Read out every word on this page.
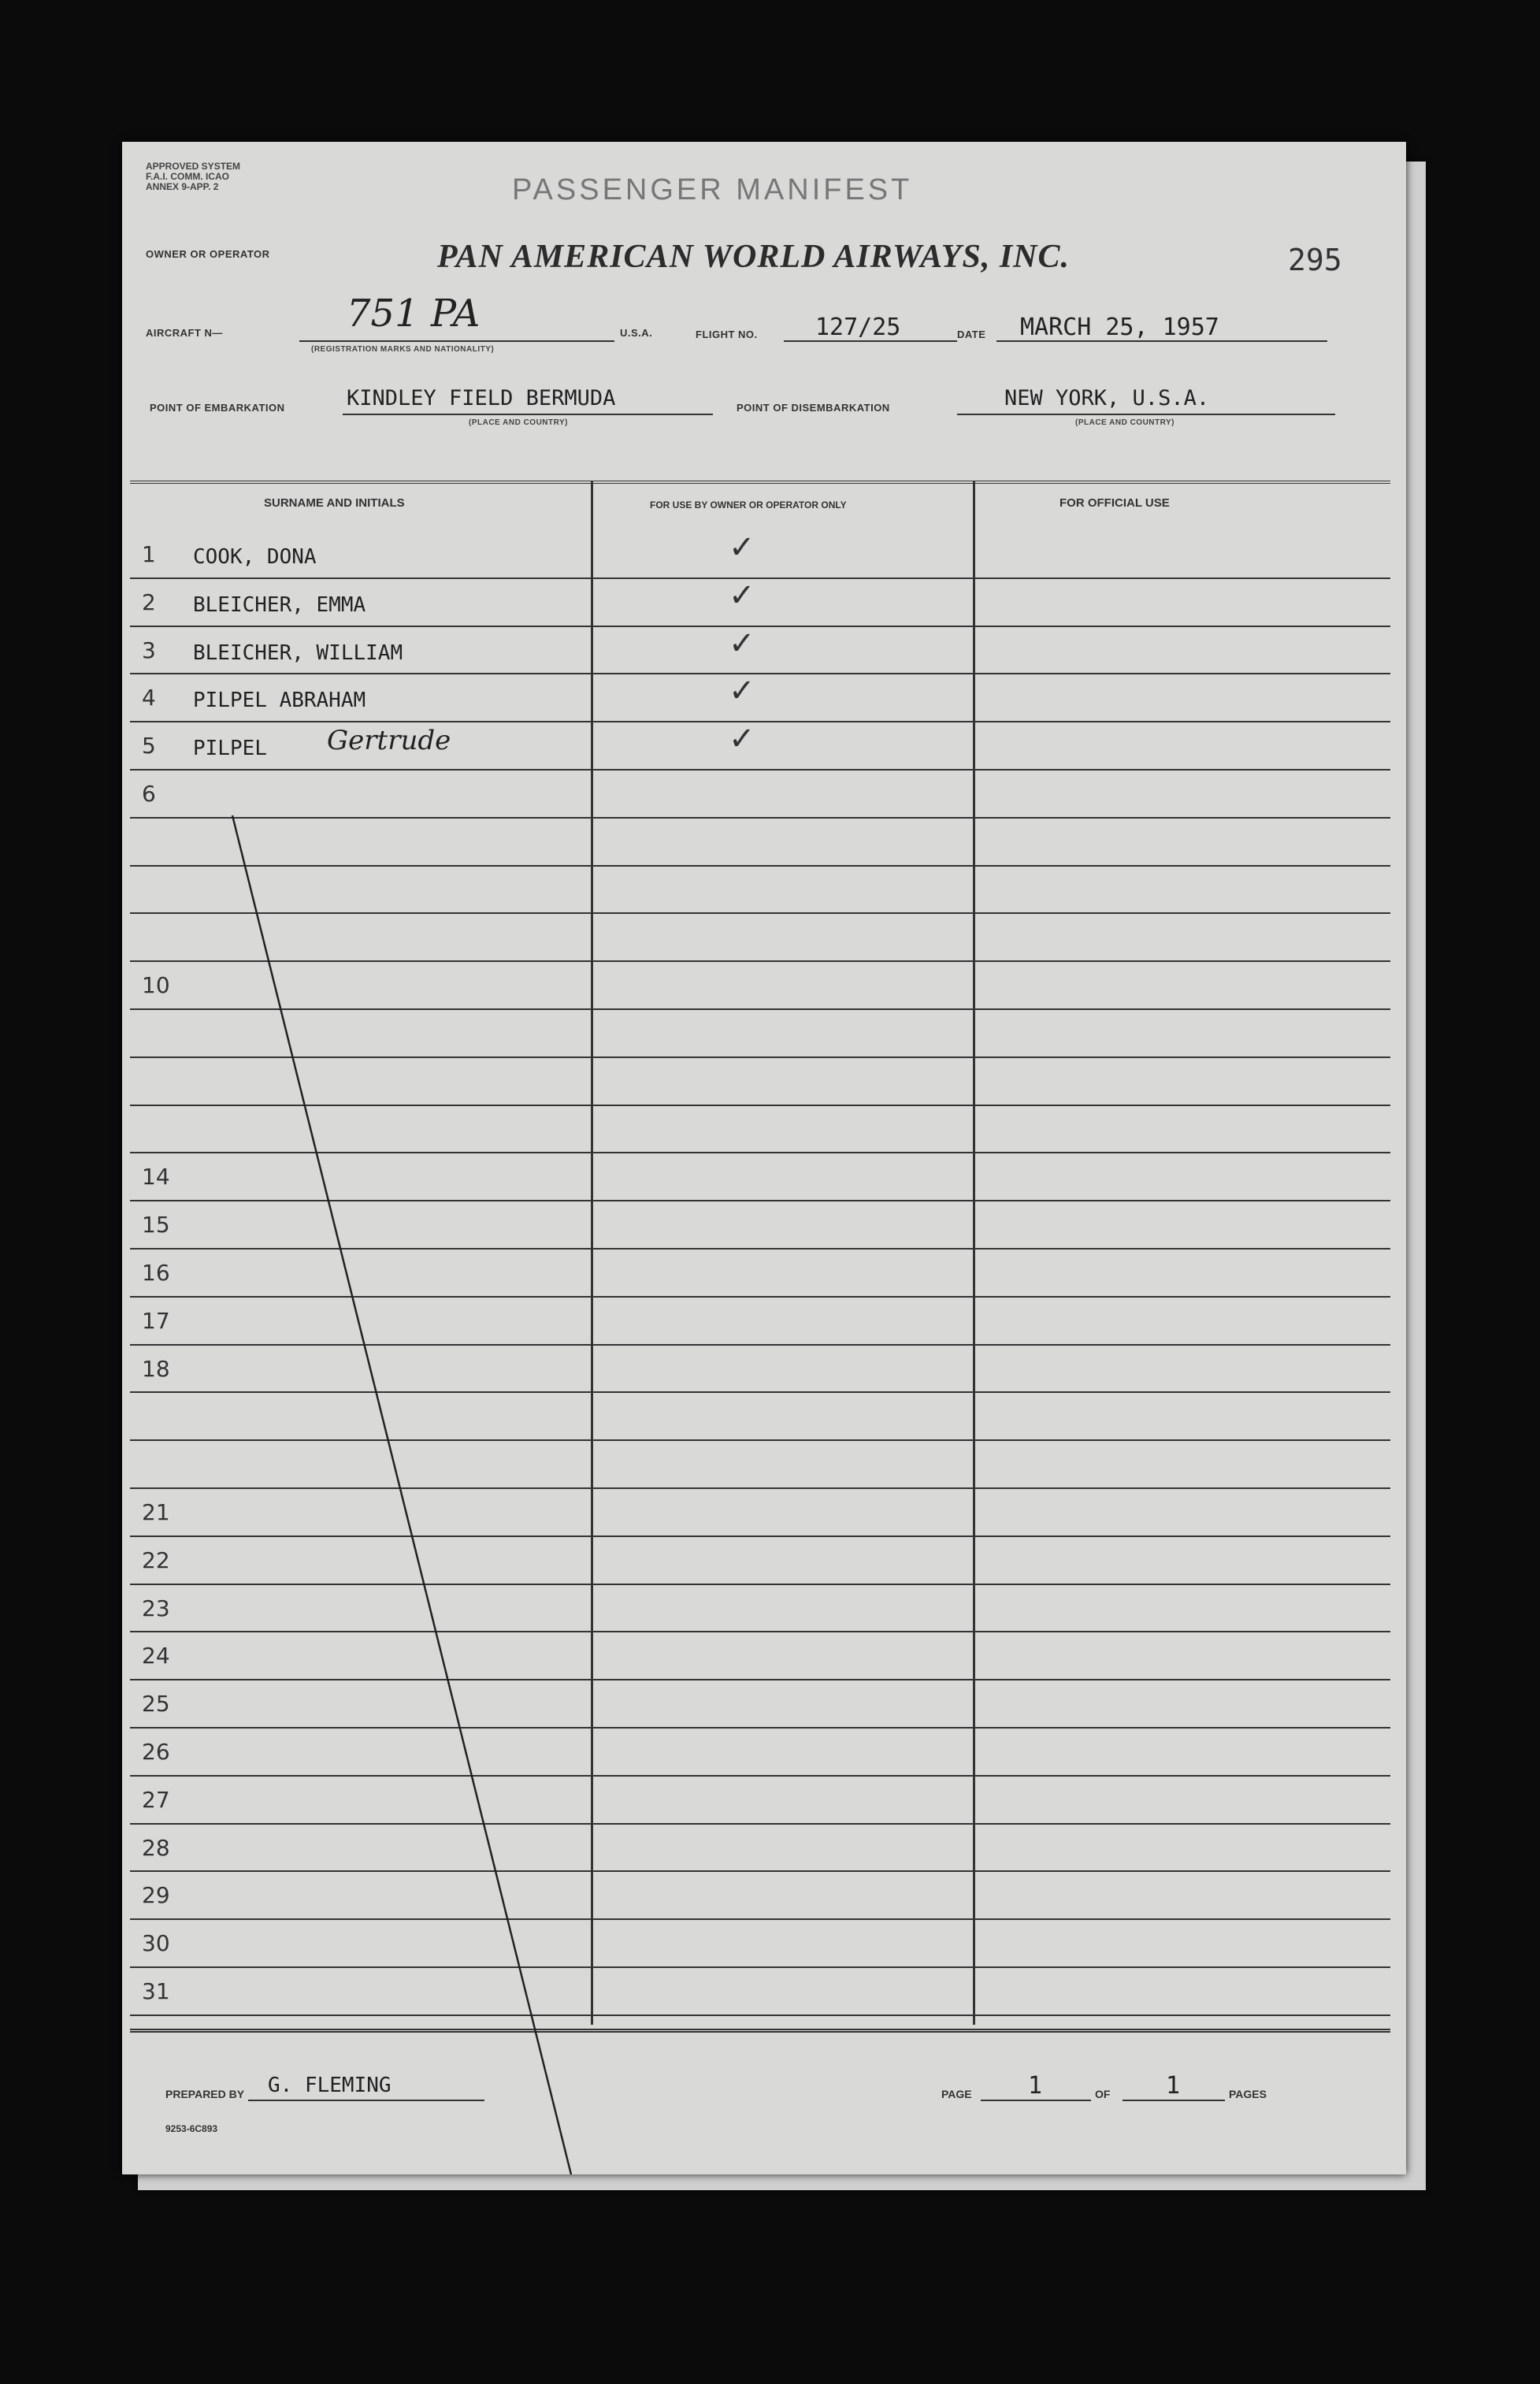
APPROVED SYSTEM F.A.I. COMM. ICAO ANNEX 9-APP. 2	PASSENGER MANIFEST
OWNER OR OPERATOR	PAN AMERICAN WORLD AIRWAYS, INC.	295
AIRCRAFT N—	751 PA
(REGISTRATION MARKS AND NATIONALITY)
U.S.A.	FLIGHT NO. 127/25	DATE MARCH 25, 1957
POINT OF EMBARKATION	KINDLEY FIELD BERMUDA
(PLACE AND COUNTRY)
POINT OF DISEMBARKATION	NEW YORK, U.S.A.
(PLACE AND COUNTRY)
SURNAME AND INITIALS	FOR USE BY OWNER OR OPERATOR ONLY	FOR OFFICIAL USE
1 COOK, DONA	✓
2 BLEICHER, EMMA	✓
3 BLEICHER, WILLIAM	✓
4 PILPEL ABRAHAM	✓
5 PILPEL Gertrude	✓
6
10
14
15
16
17
18
21
22
23
24
25
26
27
28
29
30
31
PREPARED BY G. FLEMING
9253-6C893
PAGE 1	OF 1	PAGES
